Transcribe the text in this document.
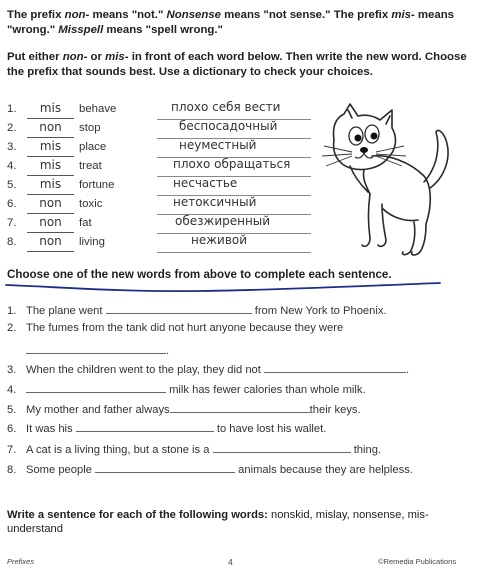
The prefix non- means "not." Nonsense means "not sense." The prefix mis- means "wrong." Misspell means "spell wrong."

Put either non- or mis- in front of each word below. Then write the new word. Choose the prefix that sounds best. Use a dictionary to check your choices.

1.	mis	behave	плохо себя вести
2.	non	stop	беспосадочный
3.	mis	place	неуместный
4.	mis	treat	плохо обращаться
5.	mis	fortune	несчастье
6.	non	toxic	нетоксичный
7.	non	fat	обезжиренный
8.	non	living	неживой
Choose one of the new words from above to complete each sentence.
1. The plane went	from New York to Phoenix.
2. The fumes from the tank did not hurt anyone because they were
.
3. When the children went to the play, they did not	.
4.	milk has fewer calories than whole milk.
5. My mother and father always	their keys.
6. It was his	to have lost his wallet.
7. A cat is a living thing, but a stone is a	thing.
8. Some people	animals because they are helpless.
Write a sentence for each of the following words: nonskid, mislay, nonsense, mis-
understand
Prefixes	4	©Remedia Publications
